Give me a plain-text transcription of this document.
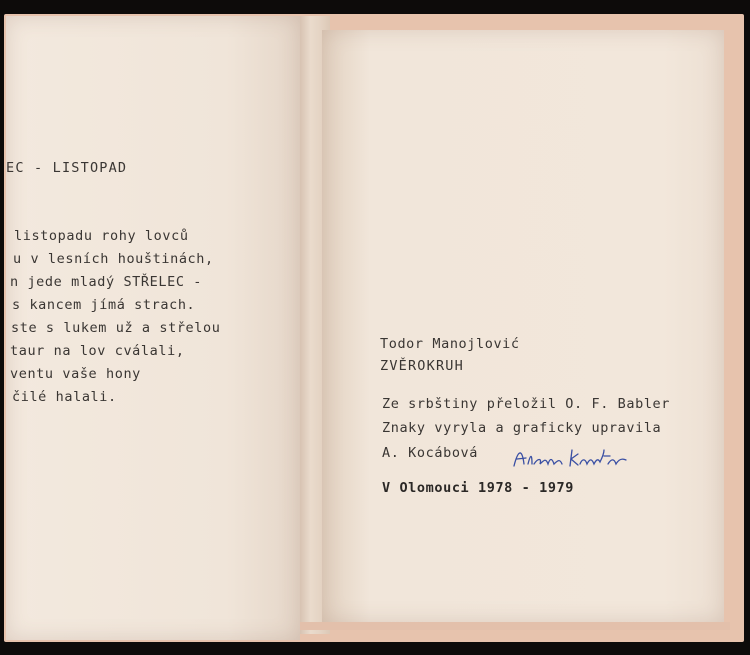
EC - LISTOPAD
listopadu rohy lovců
u v lesních houštinách,
n jede mladý STŘELEC -
s kancem jímá strach.
ste s lukem už a střelou
taur na lov cválali,
ventu vaše hony
čilé halali.
Todor Manojlović
ZVĚROKRUH
Ze srbštiny přeložil O. F. Babler
Znaky vyryla a graficky upravila
A. Kocábová
V Olomouci 1978 - 1979
